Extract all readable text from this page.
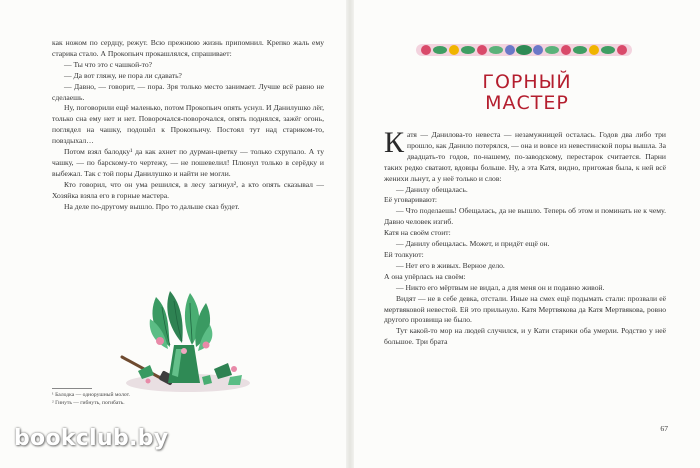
как ножом по сердцу, режут. Всю прежнюю жизнь припомнил. Крепко жаль ему старика стало. А Прокопьич прокашлялся, спрашивает:

— Ты что это с чашкой-то?

— Да вот гляжу, не пора ли сдавать?

— Давно, — говорит, — пора. Зря только место занимает. Лучше всё равно не сделаешь.

Ну, поговорили ещё маленько, потом Прокопьич опять уснул. И Данилушко лёг, только сна ему нет и нет. Поворочался-поворочался, опять поднялся, зажёг огонь, поглядел на чашку, подошёл к Прокопьичу. Постоял тут над стариком-то, повздыхал…

Потом взял балодку¹ да как ахнет по дурман-цветку — только схрупало. А ту чашку, — по барскому-то чертежу, — не пошевелил! Плюнул только в серёдку и выбежал. Так с той поры Данилушко и найти не могли.

Кто говорил, что он ума решился, в лесу загинул², а кто опять сказывал — Хозяйка взяла его в горные мастера.

На деле по-другому вышло. Про то дальше сказ будет.

¹ Балодка — однорушный молот.
² Гинуть — гибнуть, погибать.
ГОРНЫЙ
МАСТЕР

Катя — Данилова-то невеста — незамужницей осталась. Годов два либо три прошло, как Данило потерялся, — она и вовсе из невестинской поры вышла. За двадцать-то годов, по-нашему, по-заводскому, перестарок считается. Парни таких редко сватают, вдовцы больше. Ну, а эта Катя, видно, пригожая была, к ней всё женихи льнут, а у неё только и слов:

— Данилу обещалась.

Её уговаривают:

— Что поделаешь! Обещалась, да не вышло. Теперь об этом и поминать не к чему. Давно человек изгиб.

Катя на своём стоит:

— Данилу обещалась. Может, и придёт ещё он.

Ей толкуют:

— Нет его в живых. Верное дело.

А она упёрлась на своём:

— Никто его мёртвым не видал, а для меня он и подавно живой.

Видят — не в себе девка, отстали. Иные на смех ещё подымать стали: прозвали её мертвяковой невестой. Ей это прильнуло. Катя Мертвякова да Катя Мертвякова, ровно другого прозвища не было.

Тут какой-то мор на людей случился, и у Кати старики оба умерли. Родство у неё большое. Три брата

67
bookclub.by
